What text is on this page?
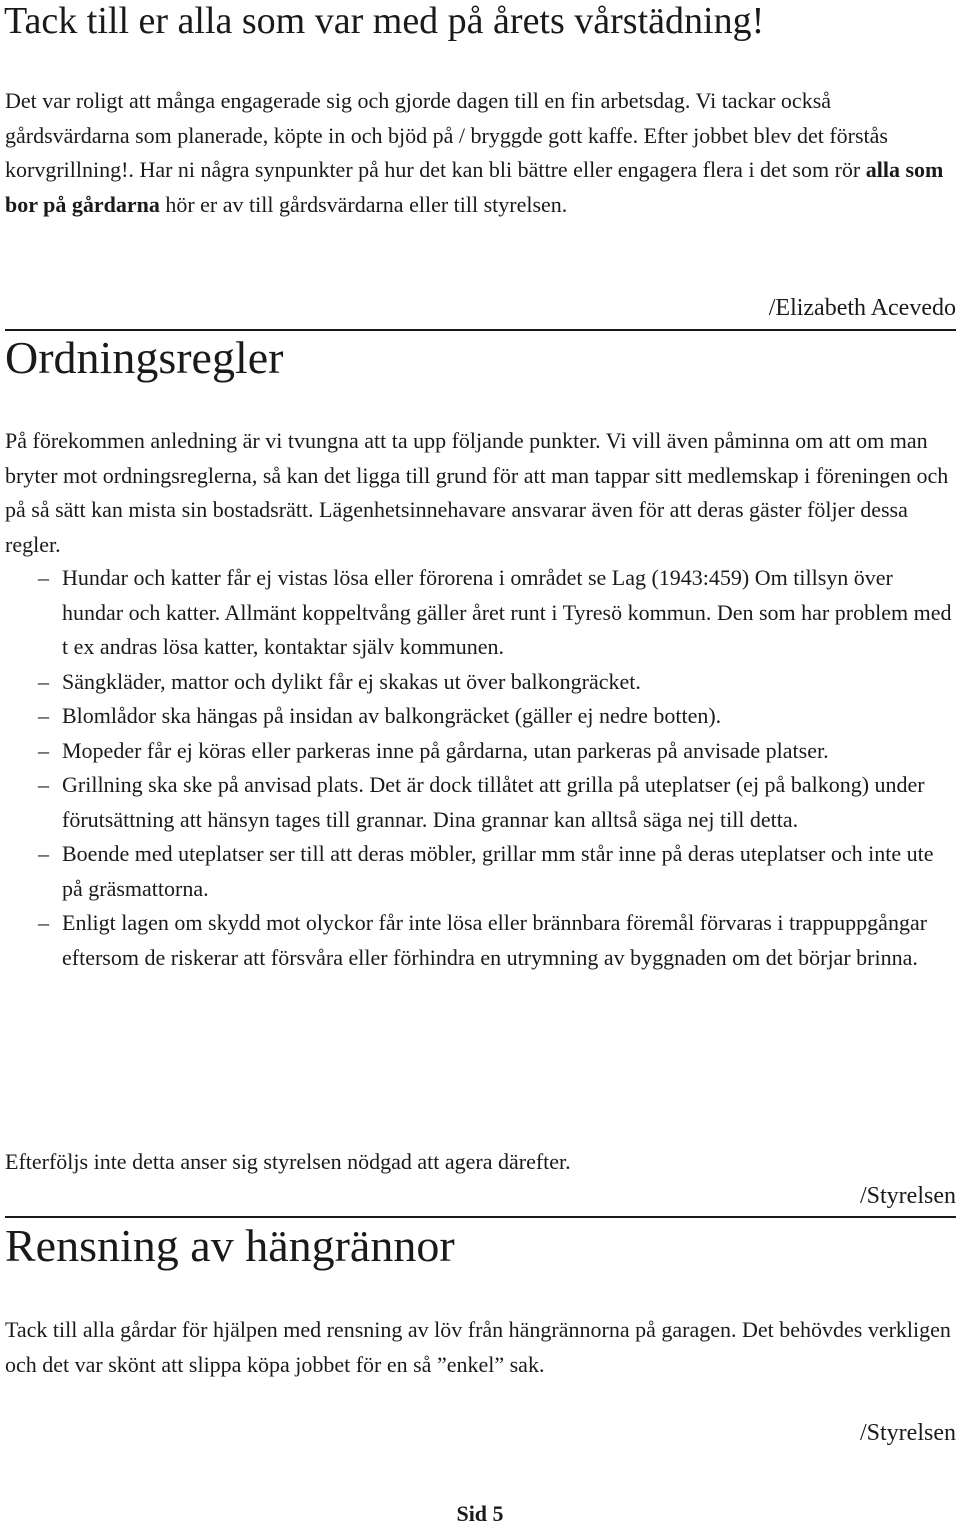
Tack till er alla som var med på årets vårstädning!

Det var roligt att många engagerade sig och gjorde dagen till en fin arbetsdag. Vi tackar också gårdsvärdarna som planerade, köpte in och bjöd på / bryggde gott kaffe. Efter jobbet blev det förstås korvgrillning!. Har ni några synpunkter på hur det kan bli bättre eller engagera flera i det som rör alla som bor på gårdarna hör er av till gårdsvärdarna eller till styrelsen.

/Elizabeth Acevedo
Ordningsregler

På förekommen anledning är vi tvungna att ta upp följande punkter. Vi vill även påminna om att om man bryter mot ordningsreglerna, så kan det ligga till grund för att man tappar sitt medlemskap i föreningen och på så sätt kan mista sin bostadsrätt. Lägenhetsinnehavare ansvarar även för att deras gäster följer dessa regler.

– Hundar och katter får ej vistas lösa eller förorena i området se Lag (1943:459) Om tillsyn över hundar och katter. Allmänt koppeltvång gäller året runt i Tyresö kommun. Den som har problem med t ex andras lösa katter, kontaktar själv kommunen.
– Sängkläder, mattor och dylikt får ej skakas ut över balkongräcket.
– Blomlådor ska hängas på insidan av balkongräcket (gäller ej nedre botten).
– Mopeder får ej köras eller parkeras inne på gårdarna, utan parkeras på anvisade platser.
– Grillning ska ske på anvisad plats. Det är dock tillåtet att grilla på uteplatser (ej på balkong) under förutsättning att hänsyn tages till grannar. Dina grannar kan alltså säga nej till detta.
– Boende med uteplatser ser till att deras möbler, grillar mm står inne på deras uteplatser och inte ute på gräsmattorna.
– Enligt lagen om skydd mot olyckor får inte lösa eller brännbara föremål förvaras i trappuppgångar eftersom de riskerar att försvåra eller förhindra en utrymning av byggnaden om det börjar brinna.

Efterföljs inte detta anser sig styrelsen nödgad att agera därefter.

/Styrelsen
Rensning av hängrännor

Tack till alla gårdar för hjälpen med rensning av löv från hängrännorna på garagen. Det behövdes verkligen och det var skönt att slippa köpa jobbet för en så ”enkel” sak.

/Styrelsen
Sid 5
